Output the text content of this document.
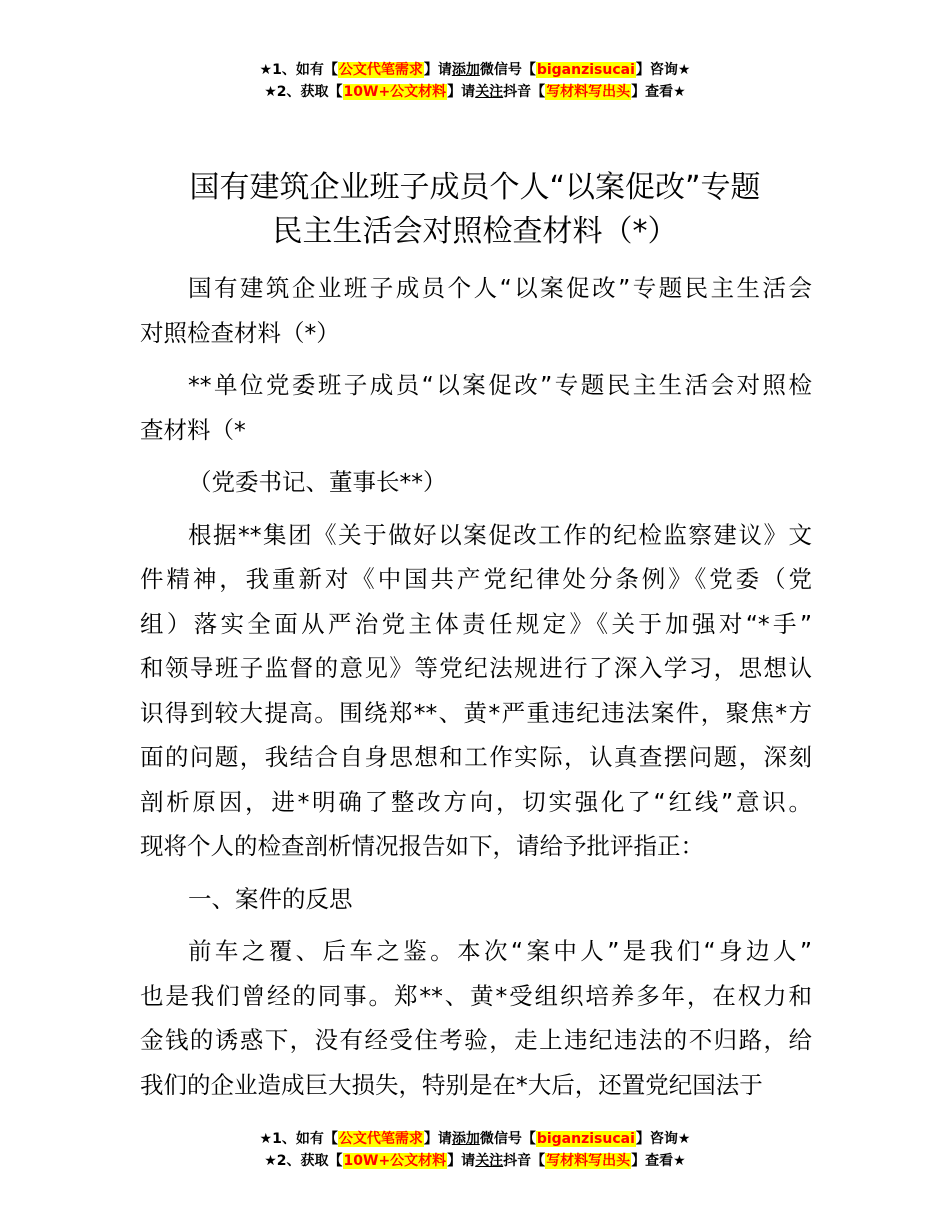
★1、如有【公文代笔需求】请添加微信号【biganzisucai】咨询★
★2、获取【10W+公文材料】请关注抖音【写材料写出头】查看★
国有建筑企业班子成员个人“以案促改”专题
民主生活会对照检查材料（*）
国有建筑企业班子成员个人“以案促改”专题民主生活会
对照检查材料（*）
**单位党委班子成员“以案促改”专题民主生活会对照检
查材料（*
（党委书记、董事长**）
根据**集团《关于做好以案促改工作的纪检监察建议》文
件精神，我重新对《中国共产党纪律处分条例》《党委（党
组）落实全面从严治党主体责任规定》《关于加强对“*手”
和领导班子监督的意见》等党纪法规进行了深入学习，思想认
识得到较大提高。围绕郑**、黄*严重违纪违法案件，聚焦*方
面的问题，我结合自身思想和工作实际，认真查摆问题，深刻
剖析原因，进*明确了整改方向，切实强化了“红线”意识。
现将个人的检查剖析情况报告如下，请给予批评指正：
一、案件的反思
前车之覆、后车之鉴。本次“案中人”是我们“身边人”
也是我们曾经的同事。郑**、黄*受组织培养多年，在权力和
金钱的诱惑下，没有经受住考验，走上违纪违法的不归路，给
我们的企业造成巨大损失，特别是在*大后，还置党纪国法于
★1、如有【公文代笔需求】请添加微信号【biganzisucai】咨询★
★2、获取【10W+公文材料】请关注抖音【写材料写出头】查看★
